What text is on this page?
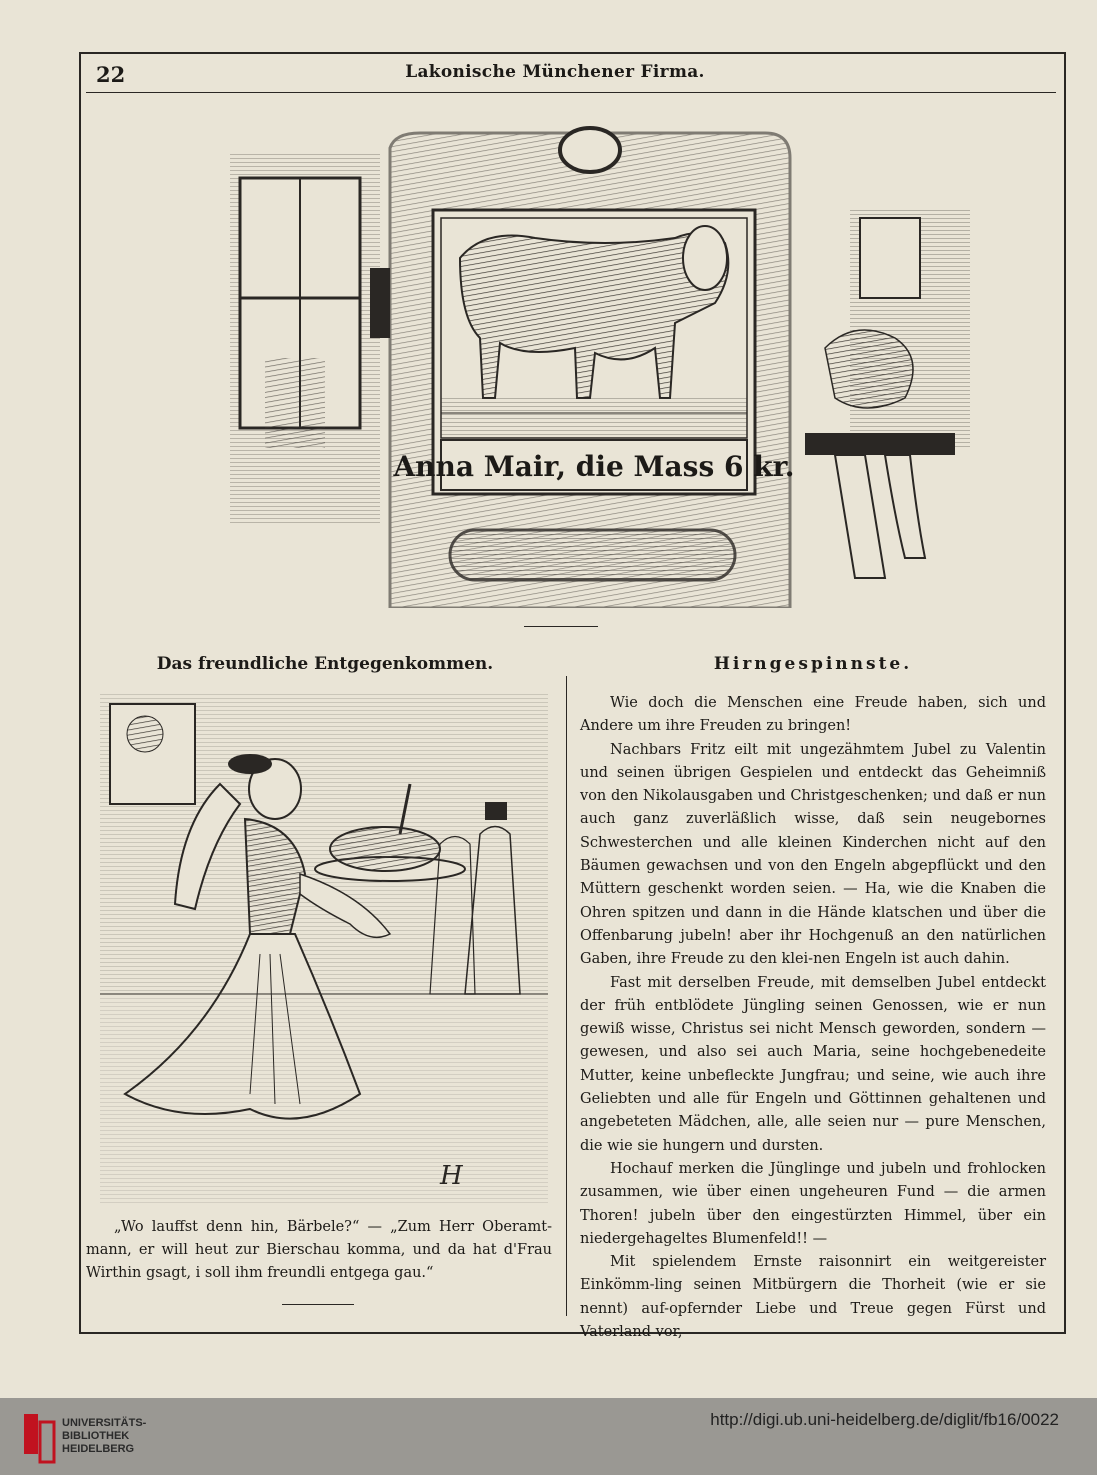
22	Lakonische Münchener Firma.
Anna Mair, die Mass 6 kr.
Das freundliche Entgegenkommen.	Hirngespinnste.
H
„Wo lauffst denn hin, Bärbele?“ — „Zum Herr Oberamt-mann, er will heut zur Bierschau komma, und da hat d'Frau Wirthin gsagt, i soll ihm freundli entgega gau.“

Wie doch die Menschen eine Freude haben, sich und Andere um ihre Freuden zu bringen!

Nachbars Fritz eilt mit ungezähmtem Jubel zu Valentin und seinen übrigen Gespielen und entdeckt das Geheimniß von den Nikolausgaben und Christgeschenken; und daß er nun auch ganz zuverläßlich wisse, daß sein neugebornes Schwesterchen und alle kleinen Kinderchen nicht auf den Bäumen gewachsen und von den Engeln abgepflückt und den Müttern geschenkt worden seien. — Ha, wie die Knaben die Ohren spitzen und dann in die Hände klatschen und über die Offenbarung jubeln! aber ihr Hochgenuß an den natürlichen Gaben, ihre Freude zu den klei-nen Engeln ist auch dahin.

Fast mit derselben Freude, mit demselben Jubel entdeckt der früh entblödete Jüngling seinen Genossen, wie er nun gewiß wisse, Christus sei nicht Mensch geworden, sondern — gewesen, und also sei auch Maria, seine hochgebenedeite Mutter, keine unbefleckte Jungfrau; und seine, wie auch ihre Geliebten und alle für Engeln und Göttinnen gehaltenen und angebeteten Mädchen, alle, alle seien nur — pure Menschen, die wie sie hungern und dursten.

Hochauf merken die Jünglinge und jubeln und frohlocken zusammen, wie über einen ungeheuren Fund — die armen Thoren! jubeln über den eingestürzten Himmel, über ein niedergehageltes Blumenfeld!! —

Mit spielendem Ernste raisonnirt ein weitgereister Einkömm-ling seinen Mitbürgern die Thorheit (wie er sie nennt) auf-opfernder Liebe und Treue gegen Fürst und Vaterland vor,

UNIVERSITÄTS-
BIBLIOTHEK
HEIDELBERG
http://digi.ub.uni-heidelberg.de/diglit/fb16/0022
